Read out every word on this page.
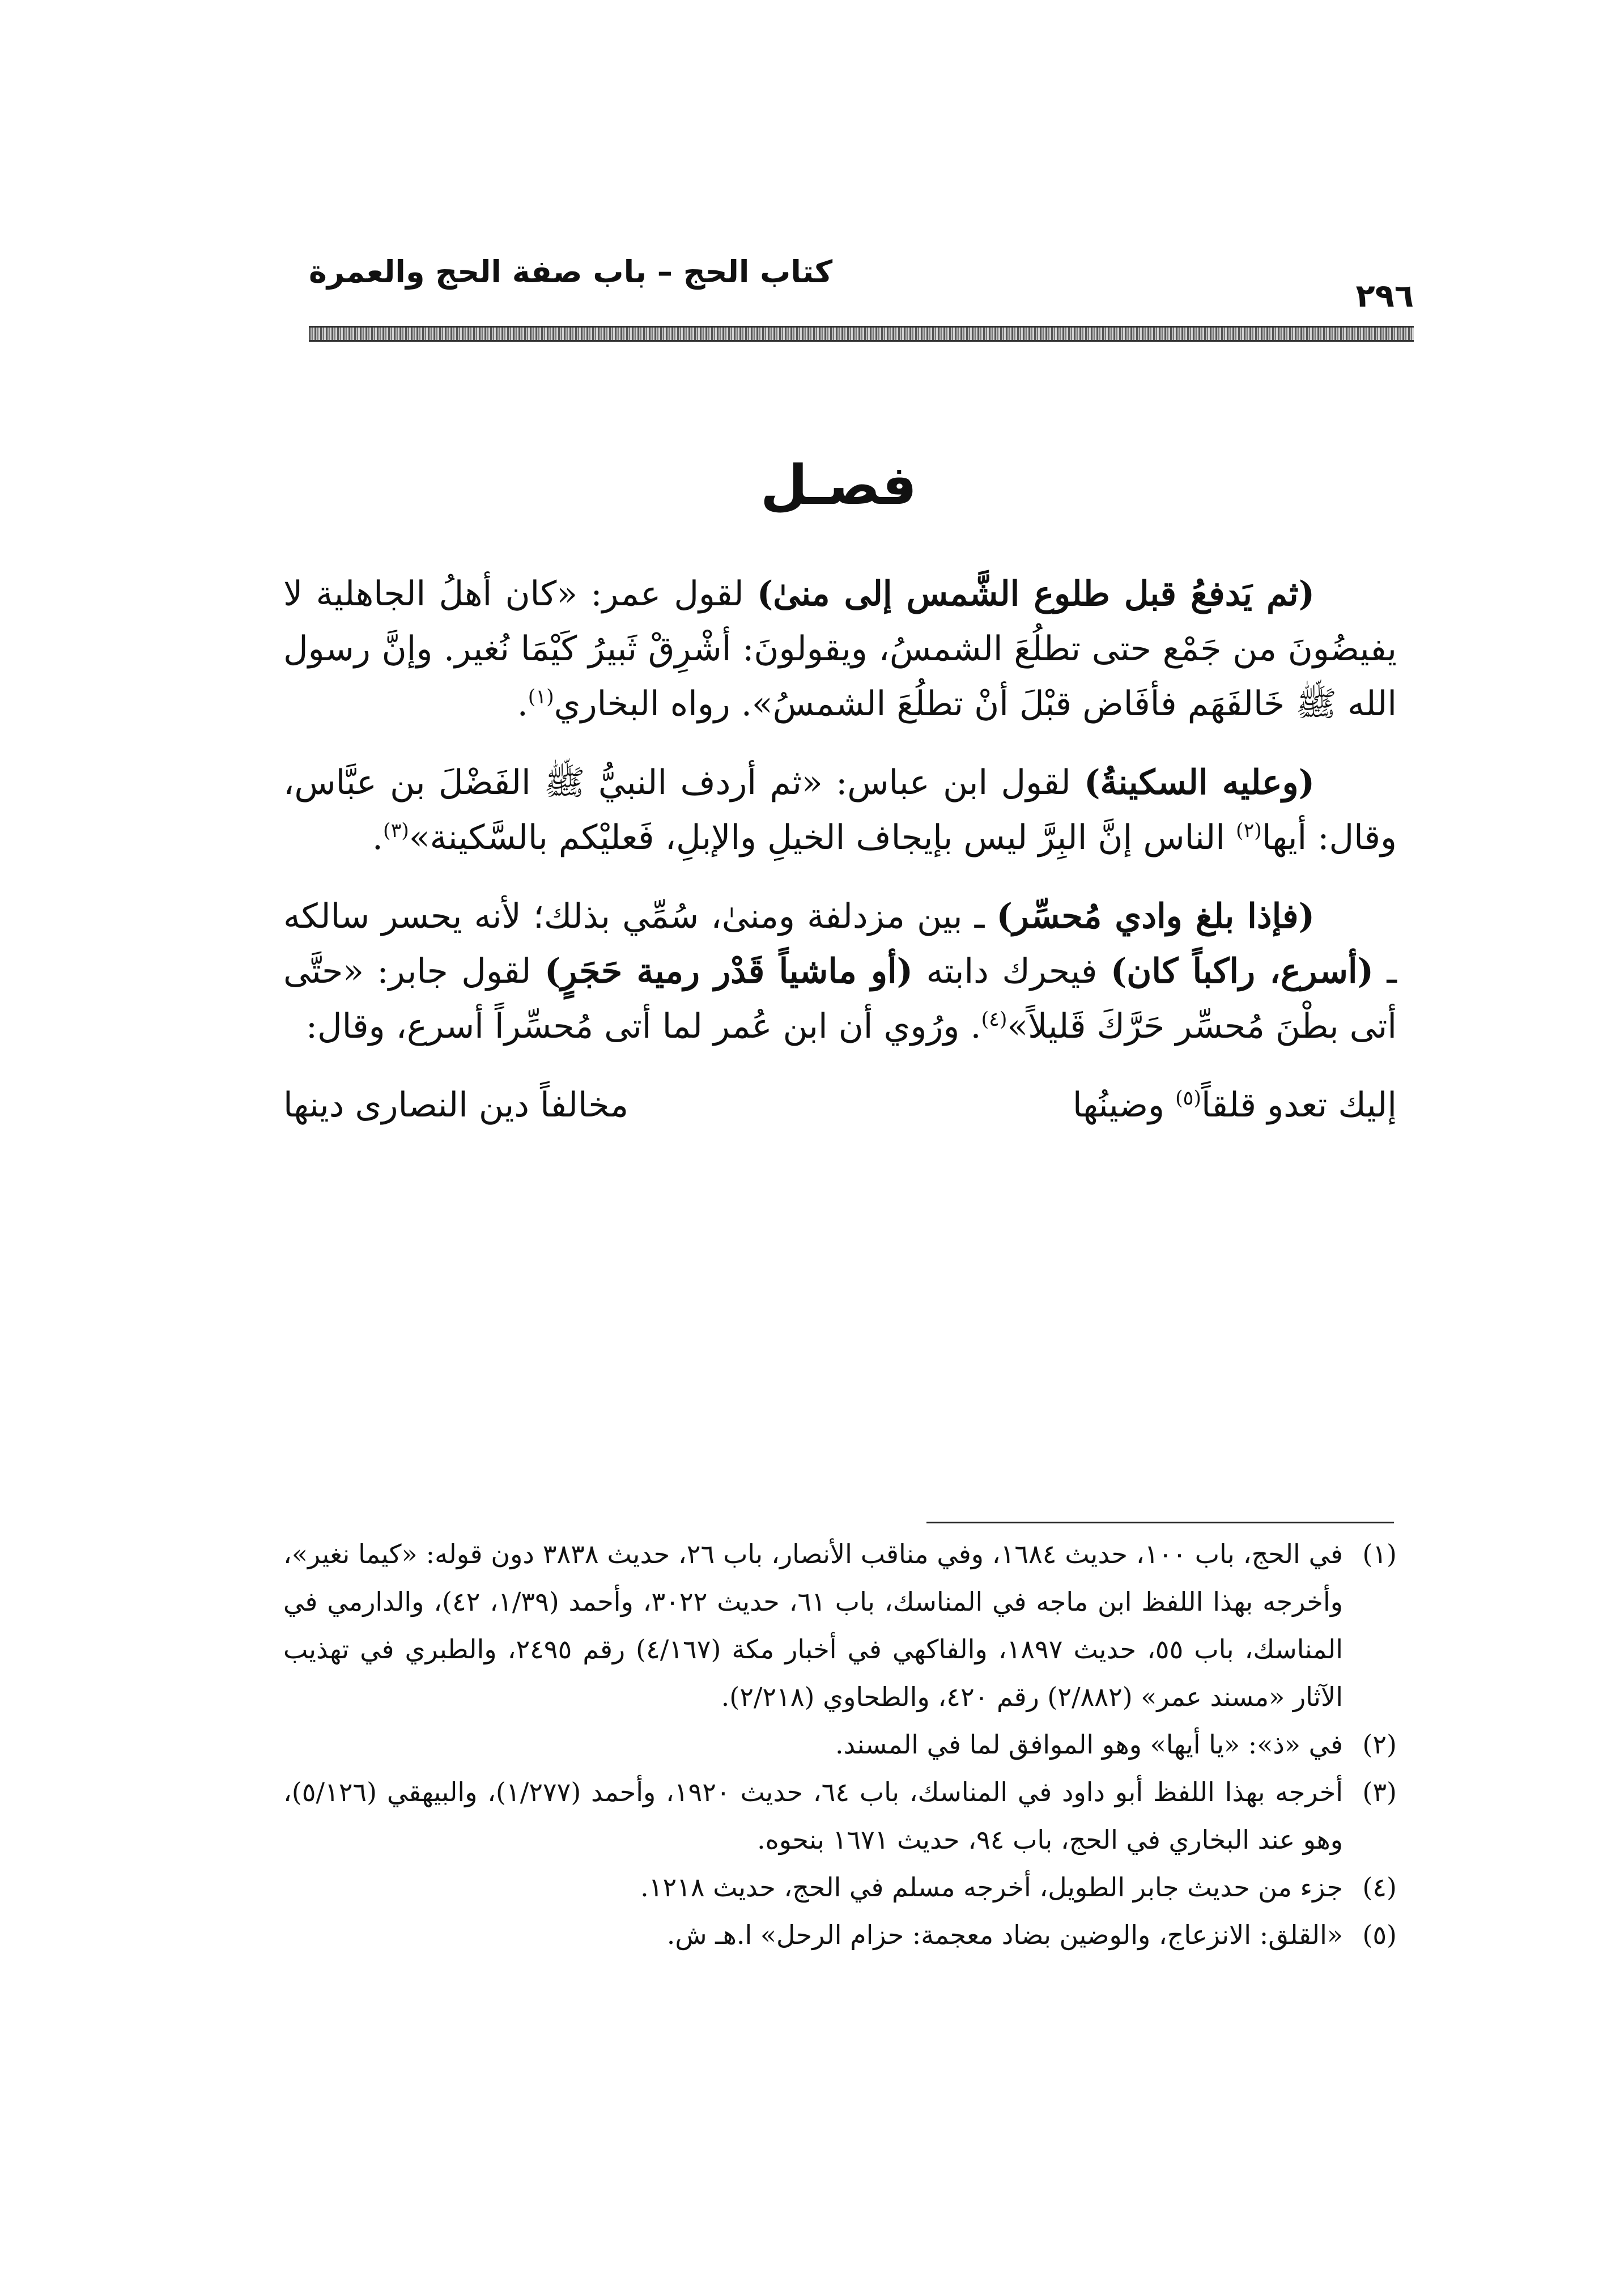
كتاب الحج – باب صفة الحج والعمرة
٢٩٦
فصـل

(ثم يَدفعُ قبل طلوع الشَّمس إلى منىٰ) لقول عمر: «كان أهلُ الجاهلية لا يفيضُونَ من جَمْع حتى تطلُعَ الشمسُ، ويقولونَ: أشْرِقْ ثَبيرُ كَيْمَا نُغير. وإنَّ رسول الله ﷺ خَالفَهَم فأفَاض قبْلَ أنْ تطلُعَ الشمسُ». رواه البخاري$^{(١)}$.

(وعليه السكينةُ) لقول ابن عباس: «ثم أردف النبيُّ ﷺ الفَضْلَ بن عبَّاس، وقال: أيها$^{(٢)}$ الناس إنَّ البِرَّ ليس بإيجاف الخيلِ والإبلِ، فَعليْكم بالسَّكينة»$^{(٣)}$.

(فإذا بلغ وادي مُحسِّر) ـ بين مزدلفة ومنىٰ، سُمِّي بذلك؛ لأنه يحسر سالكه ـ (أسرع، راكباً كان) فيحرك دابته (أو ماشياً قَدْر رمية حَجَرٍ) لقول جابر: «حتَّى أتى بطْنَ مُحسِّر حَرَّكَ قَليلاً»$^{(٤)}$. ورُوي أن ابن عُمر لما أتى مُحسِّراً أسرع، وقال:

إليك تعدو قلقاً$^{(٥)}$ وضينُها
مخالفاً دين النصارى دينها
(١)
في الحج، باب ١٠٠، حديث ١٦٨٤، وفي مناقب الأنصار، باب ٢٦، حديث ٣٨٣٨ دون قوله: «كيما نغير»، وأخرجه بهذا اللفظ ابن ماجه في المناسك، باب ٦١، حديث ٣٠٢٢، وأحمد (١/٣٩، ٤٢)، والدارمي في المناسك، باب ٥٥، حديث ١٨٩٧، والفاكهي في أخبار مكة (٤/١٦٧) رقم ٢٤٩٥، والطبري في تهذيب الآثار «مسند عمر» (٢/٨٨٢) رقم ٤٢٠، والطحاوي (٢/٢١٨).
(٢)
في «ذ»: «يا أيها» وهو الموافق لما في المسند.
(٣)
أخرجه بهذا اللفظ أبو داود في المناسك، باب ٦٤، حديث ١٩٢٠، وأحمد (١/٢٧٧)، والبيهقي (٥/١٢٦)، وهو عند البخاري في الحج، باب ٩٤، حديث ١٦٧١ بنحوه.
(٤)
جزء من حديث جابر الطويل، أخرجه مسلم في الحج، حديث ١٢١٨.
(٥)
«القلق: الانزعاج، والوضين بضاد معجمة: حزام الرحل» ا.هـ ش.
